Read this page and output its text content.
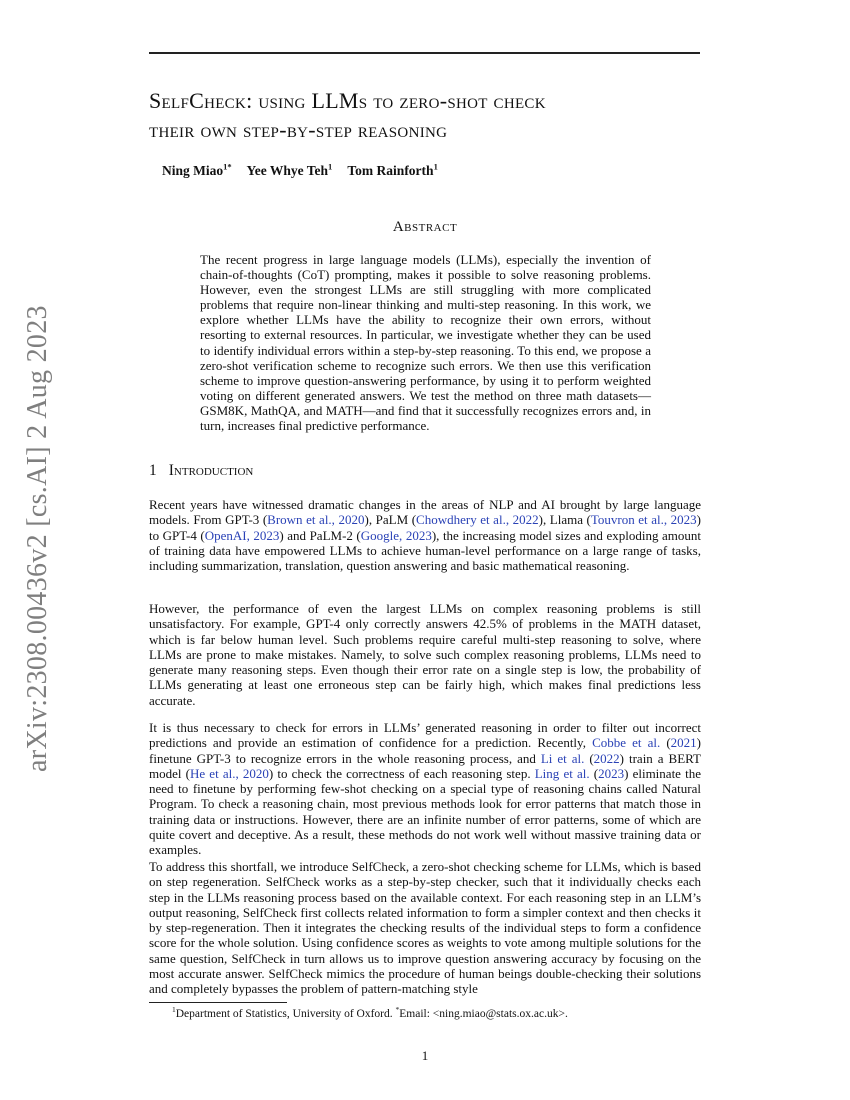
arXiv:2308.00436v2 [cs.AI] 2 Aug 2023
SelfCheck: using LLMs to zero-shot check
their own step-by-step reasoning
Ning Miao$^{1*}$ Yee Whye Teh$^1$ Tom Rainforth$^1$
Abstract
The recent progress in large language models (LLMs), especially the invention of chain-of-thoughts (CoT) prompting, makes it possible to solve reasoning problems. However, even the strongest LLMs are still struggling with more complicated problems that require non-linear thinking and multi-step reasoning. In this work, we explore whether LLMs have the ability to recognize their own errors, without resorting to external resources. In particular, we investigate whether they can be used to identify individual errors within a step-by-step reasoning. To this end, we propose a zero-shot verification scheme to recognize such errors. We then use this verification scheme to improve question-answering performance, by using it to perform weighted voting on different generated answers. We test the method on three math datasets—GSM8K, MathQA, and MATH—and find that it successfully recognizes errors and, in turn, increases final predictive performance.
1 Introduction
Recent years have witnessed dramatic changes in the areas of NLP and AI brought by large language models. From GPT-3 (Brown et al., 2020), PaLM (Chowdhery et al., 2022), Llama (Touvron et al., 2023) to GPT-4 (OpenAI, 2023) and PaLM-2 (Google, 2023), the increasing model sizes and exploding amount of training data have empowered LLMs to achieve human-level performance on a large range of tasks, including summarization, translation, question answering and basic mathematical reasoning.
However, the performance of even the largest LLMs on complex reasoning problems is still unsatisfactory. For example, GPT-4 only correctly answers 42.5% of problems in the MATH dataset, which is far below human level. Such problems require careful multi-step reasoning to solve, where LLMs are prone to make mistakes. Namely, to solve such complex reasoning problems, LLMs need to generate many reasoning steps. Even though their error rate on a single step is low, the probability of LLMs generating at least one erroneous step can be fairly high, which makes final predictions less accurate.
It is thus necessary to check for errors in LLMs’ generated reasoning in order to filter out incorrect predictions and provide an estimation of confidence for a prediction. Recently, Cobbe et al. (2021) finetune GPT-3 to recognize errors in the whole reasoning process, and Li et al. (2022) train a BERT model (He et al., 2020) to check the correctness of each reasoning step. Ling et al. (2023) eliminate the need to finetune by performing few-shot checking on a special type of reasoning chains called Natural Program. To check a reasoning chain, most previous methods look for error patterns that match those in training data or instructions. However, there are an infinite number of error patterns, some of which are quite covert and deceptive. As a result, these methods do not work well without massive training data or examples.
To address this shortfall, we introduce SelfCheck, a zero-shot checking scheme for LLMs, which is based on step regeneration. SelfCheck works as a step-by-step checker, such that it individually checks each step in the LLMs reasoning process based on the available context. For each reasoning step in an LLM’s output reasoning, SelfCheck first collects related information to form a simpler context and then checks it by step-regeneration. Then it integrates the checking results of the individual steps to form a confidence score for the whole solution. Using confidence scores as weights to vote among multiple solutions for the same question, SelfCheck in turn allows us to improve question answering accuracy by focusing on the most accurate answer. SelfCheck mimics the procedure of human beings double-checking their solutions and completely bypasses the problem of pattern-matching style
$^1$Department of Statistics, University of Oxford. *Email: <ning.miao@stats.ox.ac.uk>.
1
